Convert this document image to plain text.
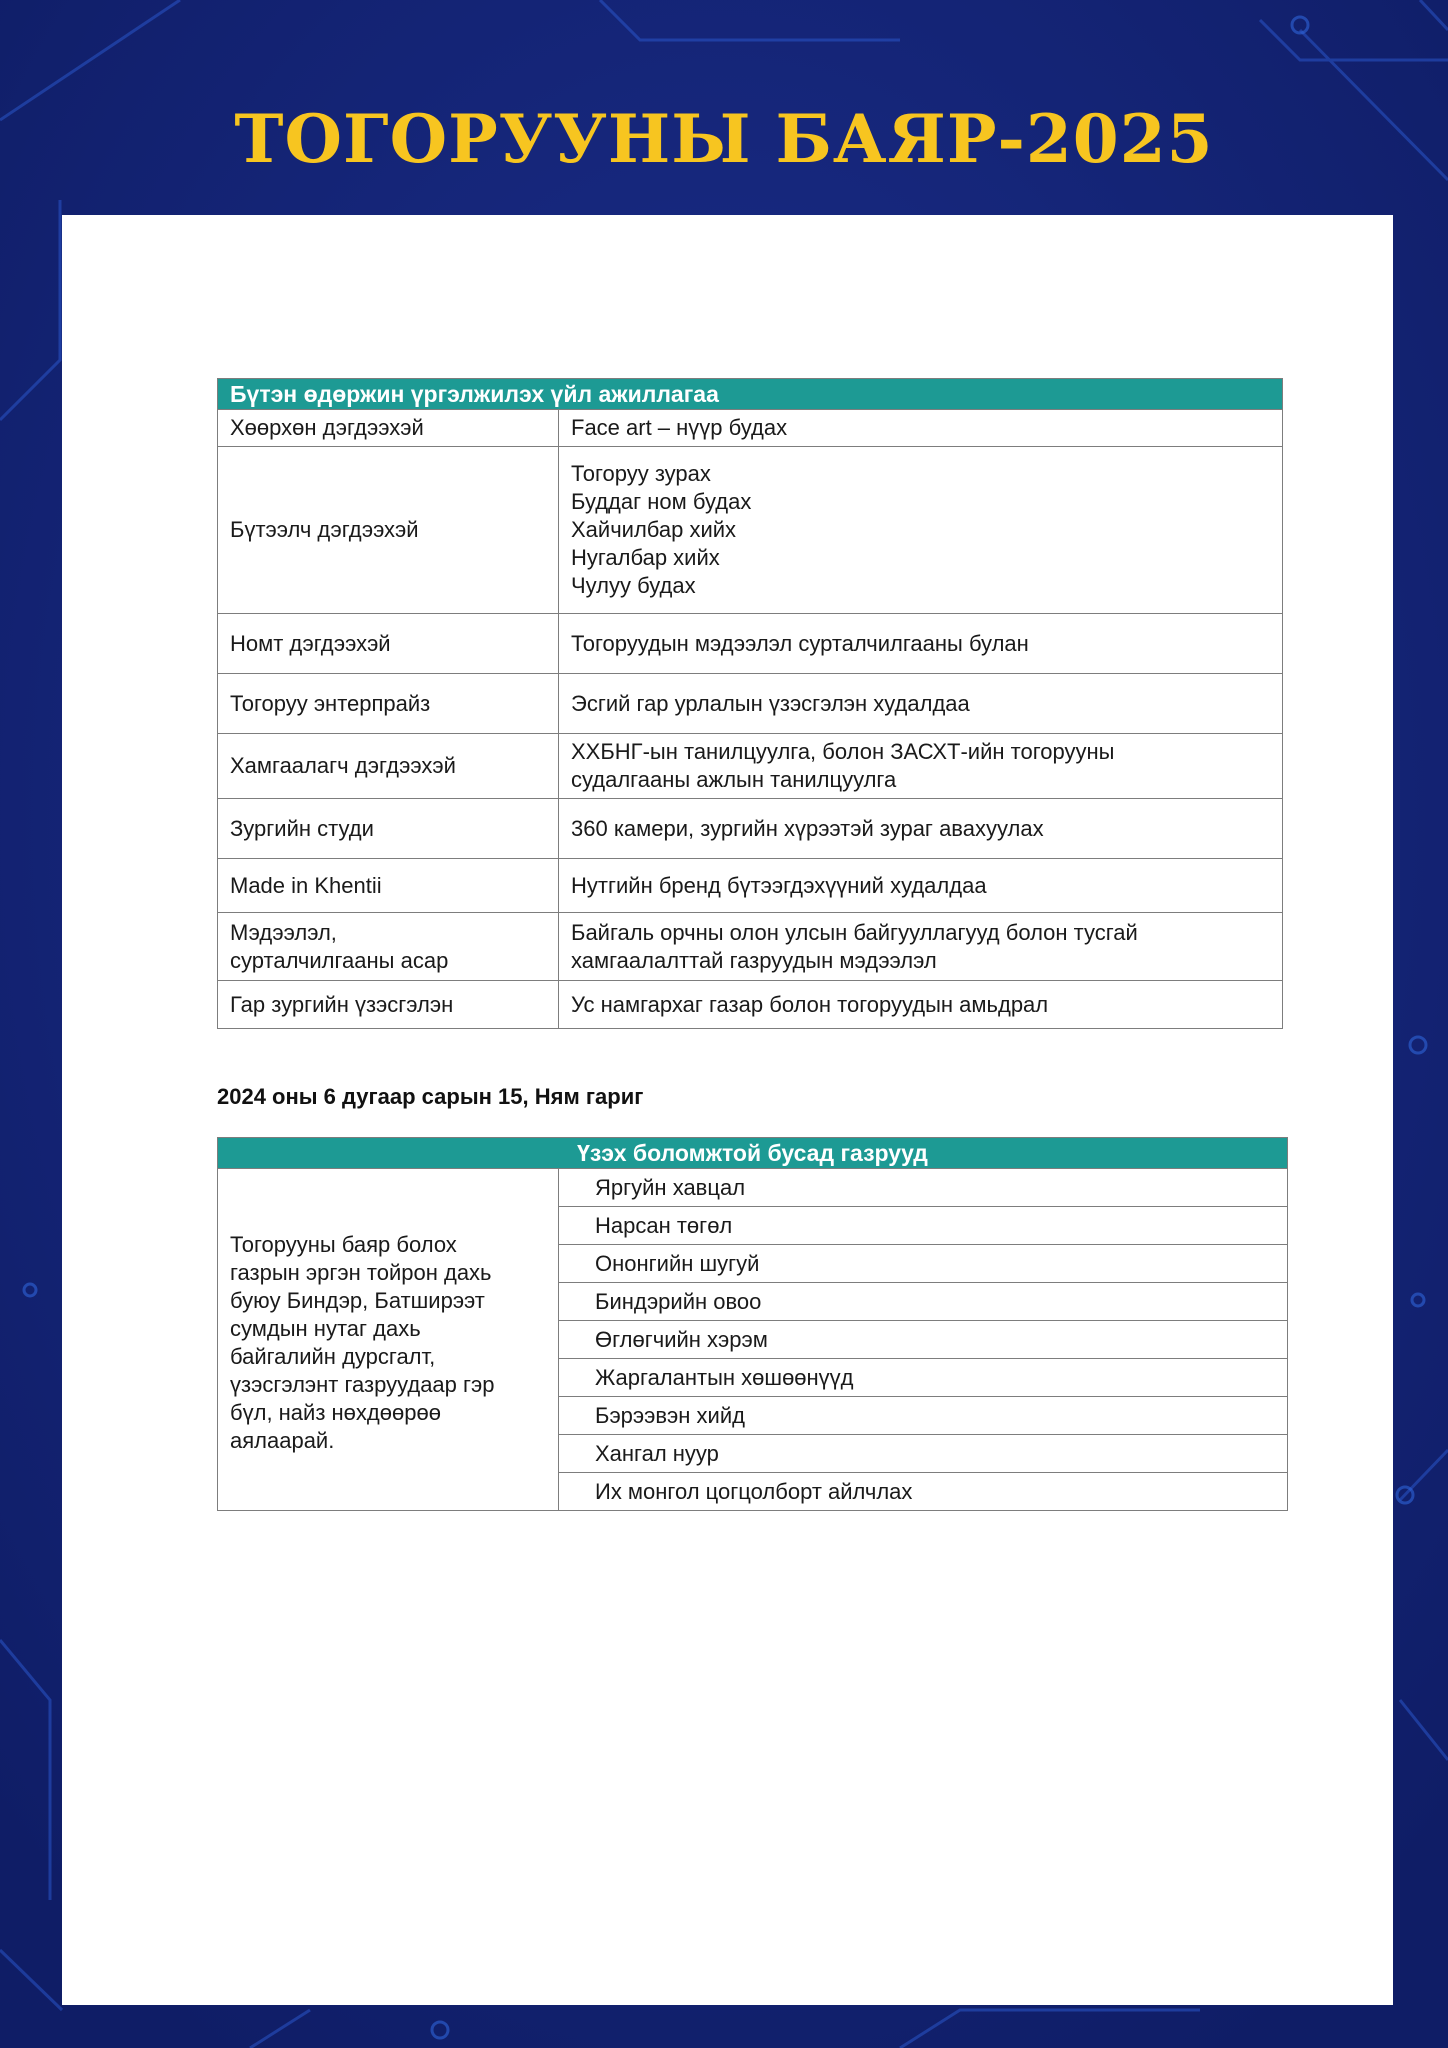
ТОГОРУУНЫ БАЯР-2025
Бүтэн өдөржин үргэлжилэх үйл ажиллагаа	
Хөөрхөн дэгдээхэй	Face art – нүүр будах
Бүтээлч дэгдээхэй	Тогоруу зурах
Буддаг ном будах
Хайчилбар хийх
Нугалбар хийх
Чулуу будах

Номт дэгдээхэй	Тогоруудын мэдээлэл сурталчилгааны булан
Тогоруу энтерпрайз	Эсгий гар урлалын үзэсгэлэн худалдаа
Хамгаалагч дэгдээхэй	ХХБНГ-ын танилцуулга, болон ЗАСХТ-ийн тогорууны
судалгааны ажлын танилцуулга

Зургийн студи	360 камери, зургийн хүрээтэй зураг авахуулах
Made in Khentii	Нутгийн бренд бүтээгдэхүүний худалдаа

Мэдээлэл,
сурталчилгааны асар	Байгаль орчны олон улсын байгууллагууд болон тусгай
хамгаалалттай газруудын мэдээлэл

Гар зургийн үзэсгэлэн	Ус намгархаг газар болон тогоруудын амьдрал
2024 оны 6 дугаар сарын 15, Ням гариг
Үзэх боломжтой бусад газрууд

Тогорууны баяр болох
газрын эргэн тойрон дахь
буюу Биндэр, Батширээт
сумдын нутаг дахь
байгалийн дурсгалт,
үзэсгэлэнт газруудаар гэр
бүл, найз нөхдөөрөө
аялаарай.
	Яргуйн хавцал
Нарсан төгөл
Ононгийн шугуй
Биндэрийн овоо
Өглөгчийн хэрэм
Жаргалантын хөшөөнүүд
Бэрээвэн хийд
Хангал нуур
Их монгол цогцолборт айлчлах
